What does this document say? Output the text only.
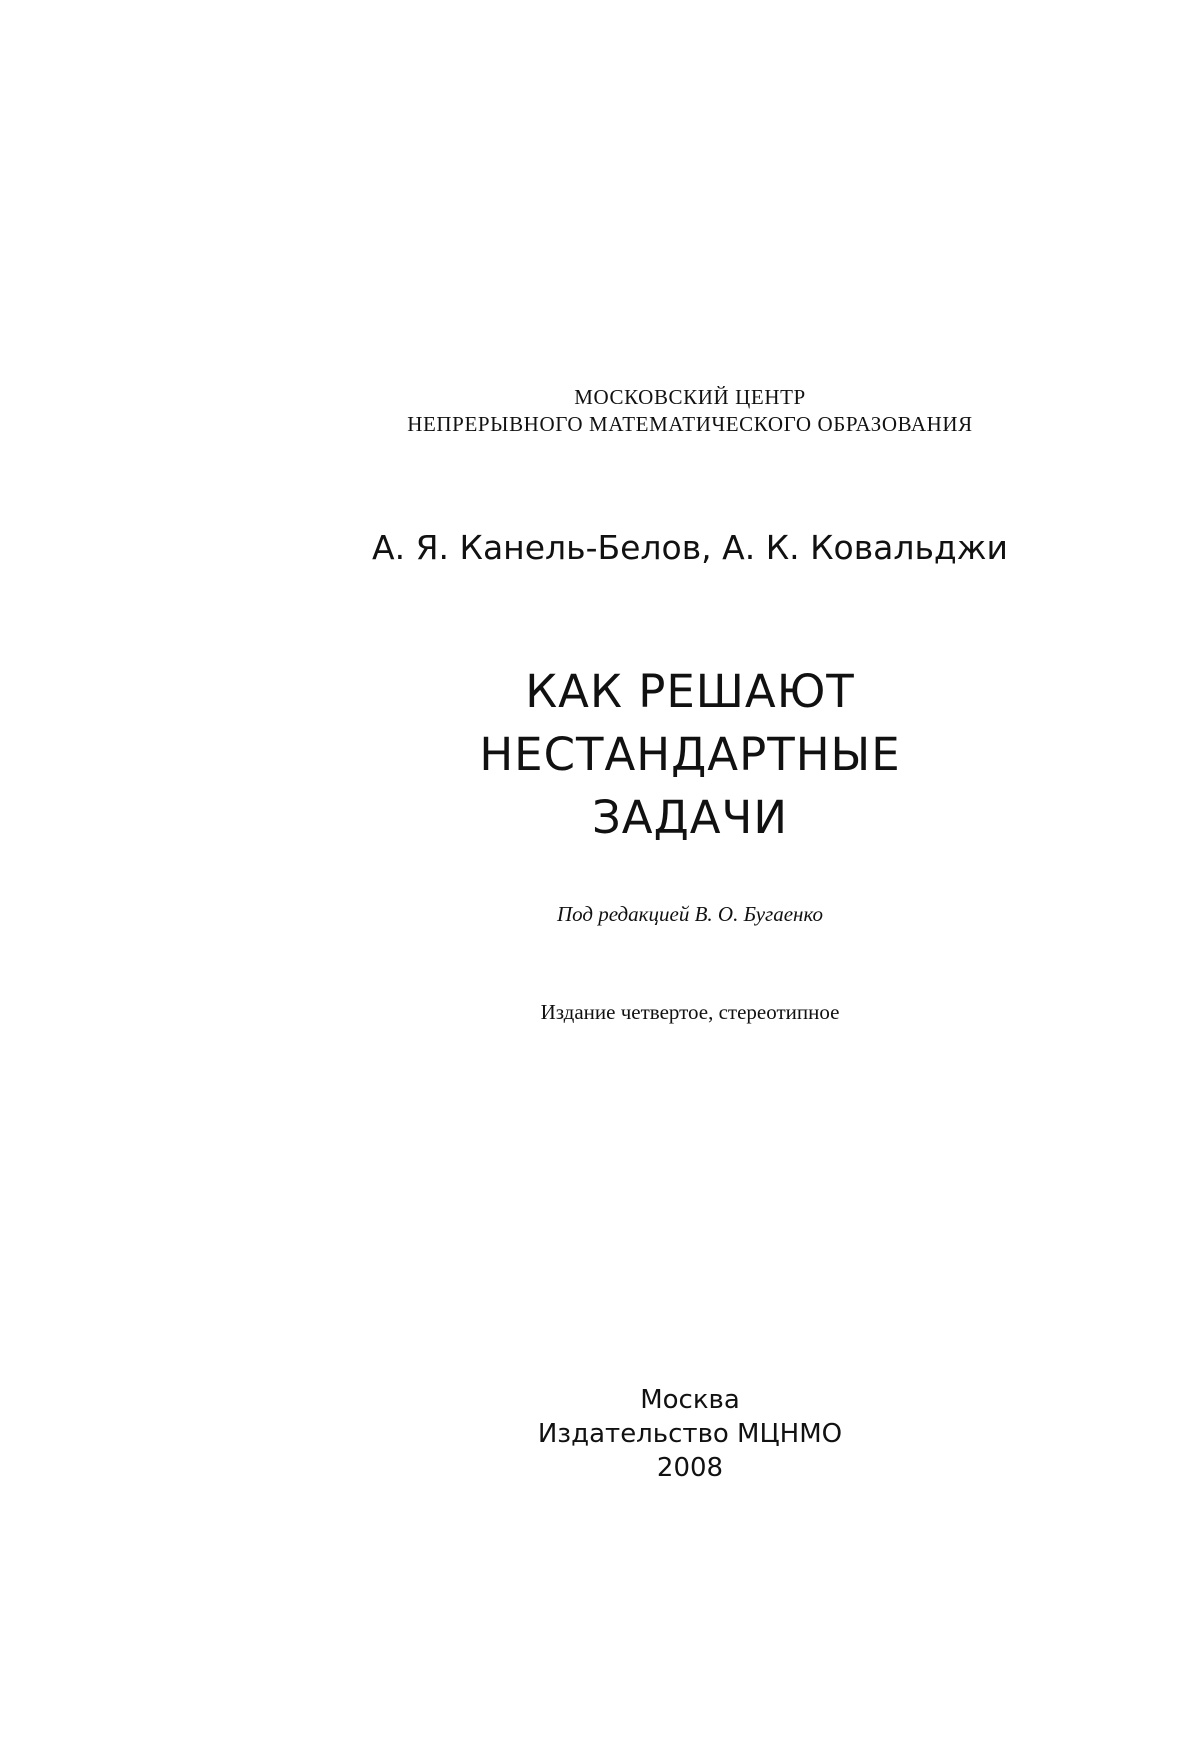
МОСКОВСКИЙ ЦЕНТР
НЕПРЕРЫВНОГО МАТЕМАТИЧЕСКОГО ОБРАЗОВАНИЯ
А. Я. Канель-Белов, А. К. Ковальджи
КАК РЕШАЮТ
НЕСТАНДАРТНЫЕ
ЗАДАЧИ
Под редакцией В. О. Бугаенко
Издание четвертое, стереотипное
Москва
Издательство МЦНМО
2008
